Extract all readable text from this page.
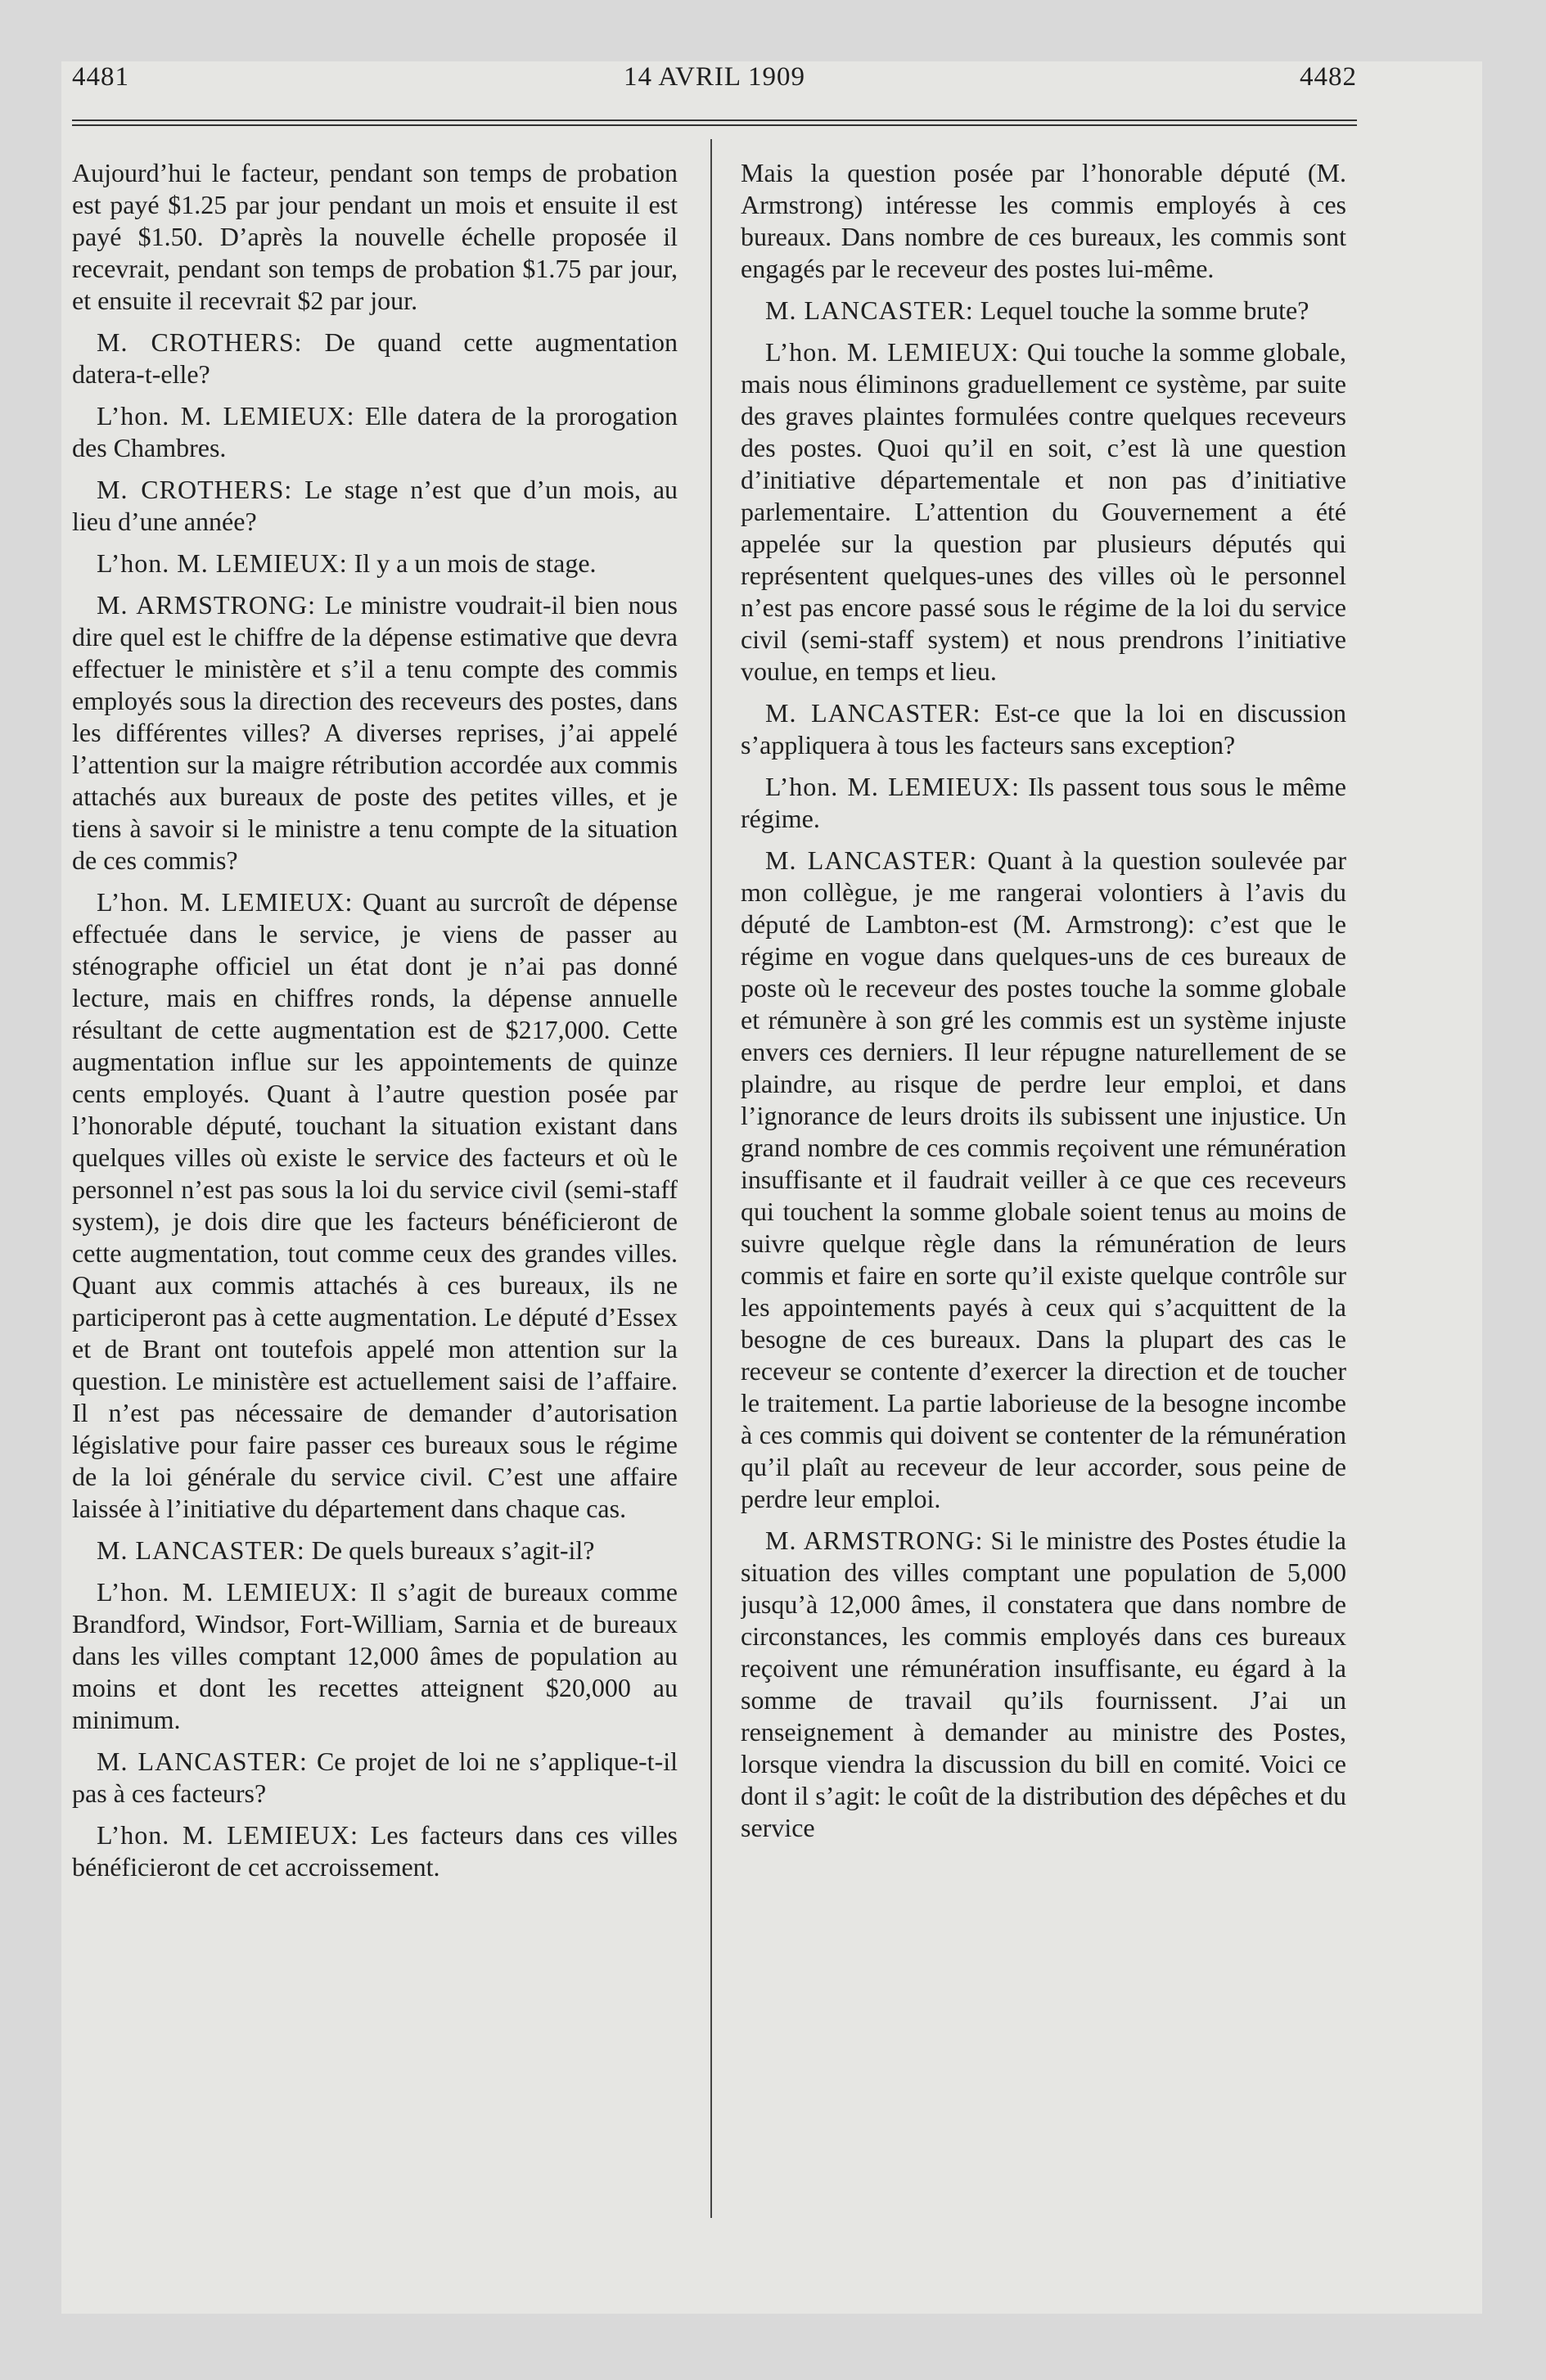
4481	14 AVRIL 1909	4482

Aujourd’hui le facteur, pendant son temps de probation est payé $1.25 par jour pendant un mois et ensuite il est payé $1.50. D’après la nouvelle échelle proposée il recevrait, pendant son temps de probation $1.75 par jour, et ensuite il recevrait $2 par jour.

M. CROTHERS: De quand cette augmentation datera-t-elle?

L’hon. M. LEMIEUX: Elle datera de la prorogation des Chambres.

M. CROTHERS: Le stage n’est que d’un mois, au lieu d’une année?

L’hon. M. LEMIEUX: Il y a un mois de stage.

M. ARMSTRONG: Le ministre voudrait-il bien nous dire quel est le chiffre de la dépense estimative que devra effectuer le ministère et s’il a tenu compte des commis employés sous la direction des receveurs des postes, dans les différentes villes? A diverses reprises, j’ai appelé l’attention sur la maigre rétribution accordée aux commis attachés aux bureaux de poste des petites villes, et je tiens à savoir si le ministre a tenu compte de la situation de ces commis?

L’hon. M. LEMIEUX: Quant au surcroît de dépense effectuée dans le service, je viens de passer au sténographe officiel un état dont je n’ai pas donné lecture, mais en chiffres ronds, la dépense annuelle résultant de cette augmentation est de $217,000. Cette augmentation influe sur les appointements de quinze cents employés. Quant à l’autre question posée par l’honorable député, touchant la situation existant dans quelques villes où existe le service des facteurs et où le personnel n’est pas sous la loi du service civil (semi-staff system), je dois dire que les facteurs bénéficieront de cette augmentation, tout comme ceux des grandes villes. Quant aux commis attachés à ces bureaux, ils ne participeront pas à cette augmentation. Le député d’Essex et de Brant ont toutefois appelé mon attention sur la question. Le ministère est actuellement saisi de l’affaire. Il n’est pas nécessaire de demander d’autorisation législative pour faire passer ces bureaux sous le régime de la loi générale du service civil. C’est une affaire laissée à l’initiative du département dans chaque cas.

M. LANCASTER: De quels bureaux s’agit-il?

L’hon. M. LEMIEUX: Il s’agit de bureaux comme Brandford, Windsor, Fort-William, Sarnia et de bureaux dans les villes comptant 12,000 âmes de population au moins et dont les recettes atteignent $20,000 au minimum.

M. LANCASTER: Ce projet de loi ne s’applique-t-il pas à ces facteurs?

L’hon. M. LEMIEUX: Les facteurs dans ces villes bénéficieront de cet accroissement.

Mais la question posée par l’honorable député (M. Armstrong) intéresse les commis employés à ces bureaux. Dans nombre de ces bureaux, les commis sont engagés par le receveur des postes lui-même.

M. LANCASTER: Lequel touche la somme brute?

L’hon. M. LEMIEUX: Qui touche la somme globale, mais nous éliminons graduellement ce système, par suite des graves plaintes formulées contre quelques receveurs des postes. Quoi qu’il en soit, c’est là une question d’initiative départementale et non pas d’initiative parlementaire. L’attention du Gouvernement a été appelée sur la question par plusieurs députés qui représentent quelques-unes des villes où le personnel n’est pas encore passé sous le régime de la loi du service civil (semi-staff system) et nous prendrons l’initiative voulue, en temps et lieu.

M. LANCASTER: Est-ce que la loi en discussion s’appliquera à tous les facteurs sans exception?

L’hon. M. LEMIEUX: Ils passent tous sous le même régime.

M. LANCASTER: Quant à la question soulevée par mon collègue, je me rangerai volontiers à l’avis du député de Lambton-est (M. Armstrong): c’est que le régime en vogue dans quelques-uns de ces bureaux de poste où le receveur des postes touche la somme globale et rémunère à son gré les commis est un système injuste envers ces derniers. Il leur répugne naturellement de se plaindre, au risque de perdre leur emploi, et dans l’ignorance de leurs droits ils subissent une injustice. Un grand nombre de ces commis reçoivent une rémunération insuffisante et il faudrait veiller à ce que ces receveurs qui touchent la somme globale soient tenus au moins de suivre quelque règle dans la rémunération de leurs commis et faire en sorte qu’il existe quelque contrôle sur les appointements payés à ceux qui s’acquittent de la besogne de ces bureaux. Dans la plupart des cas le receveur se contente d’exercer la direction et de toucher le traitement. La partie laborieuse de la besogne incombe à ces commis qui doivent se contenter de la rémunération qu’il plaît au receveur de leur accorder, sous peine de perdre leur emploi.

M. ARMSTRONG: Si le ministre des Postes étudie la situation des villes comptant une population de 5,000 jusqu’à 12,000 âmes, il constatera que dans nombre de circonstances, les commis employés dans ces bureaux reçoivent une rémunération insuffisante, eu égard à la somme de travail qu’ils fournissent. J’ai un renseignement à demander au ministre des Postes, lorsque viendra la discussion du bill en comité. Voici ce dont il s’agit: le coût de la distribution des dépêches et du service
